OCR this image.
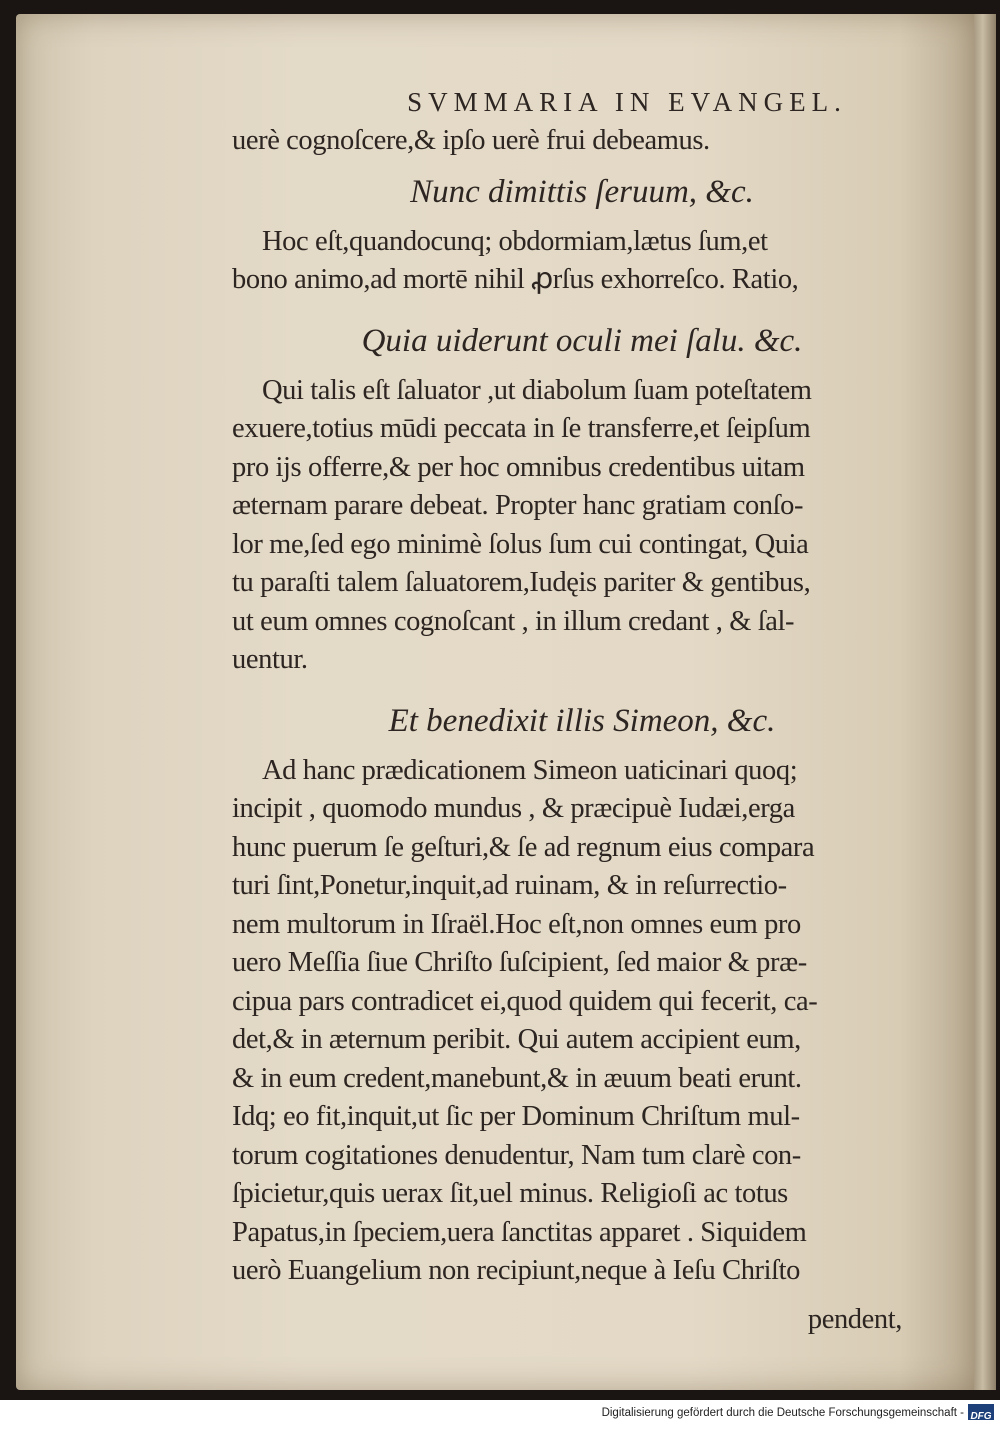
SVMMARIA IN EVANGEL.
uerè cognoſcere,& ipſo uerè frui debeamus.
Nunc dimittis ſeruum, &c.
Hoc eſt,quandocunq; obdormiam,lætus ſum,et
bono animo,ad mortē nihil ꝓrſus exhorreſco. Ratio,
Quia uiderunt oculi mei ſalu. &c.
Qui talis eſt ſaluator ,ut diabolum ſuam poteſtatem
exuere,totius mūdi peccata in ſe transferre,et ſeipſum
pro ijs offerre,& per hoc omnibus credentibus uitam
æternam parare debeat. Propter hanc gratiam conſo-
lor me,ſed ego minimè ſolus ſum cui contingat, Quia
tu paraſti talem ſaluatorem,Iudęis pariter & gentibus,
ut eum omnes cognoſcant , in illum credant , & ſal-
uentur.
Et benedixit illis Simeon, &c.
Ad hanc prædicationem Simeon uaticinari quoq;
incipit , quomodo mundus , & præcipuè Iudæi,erga
hunc puerum ſe geſturi,& ſe ad regnum eius compara
turi ſint,Ponetur,inquit,ad ruinam, & in reſurrectio-
nem multorum in Iſraël.Hoc eſt,non omnes eum pro
uero Meſſia ſiue Chriſto ſuſcipient, ſed maior & præ-
cipua pars contradicet ei,quod quidem qui fecerit, ca-
det,& in æternum peribit. Qui autem accipient eum,
& in eum credent,manebunt,& in æuum beati erunt.
Idq; eo fit,inquit,ut ſic per Dominum Chriſtum mul-
torum cogitationes denudentur, Nam tum clarè con-
ſpicietur,quis uerax ſit,uel minus. Religioſi ac totus
Papatus,in ſpeciem,uera ſanctitas apparet . Siquidem
uerò Euangelium non recipiunt,neque à Ieſu Chriſto
pendent,
Digitalisierung gefördert durch die Deutsche Forschungsgemeinschaft - DFG
